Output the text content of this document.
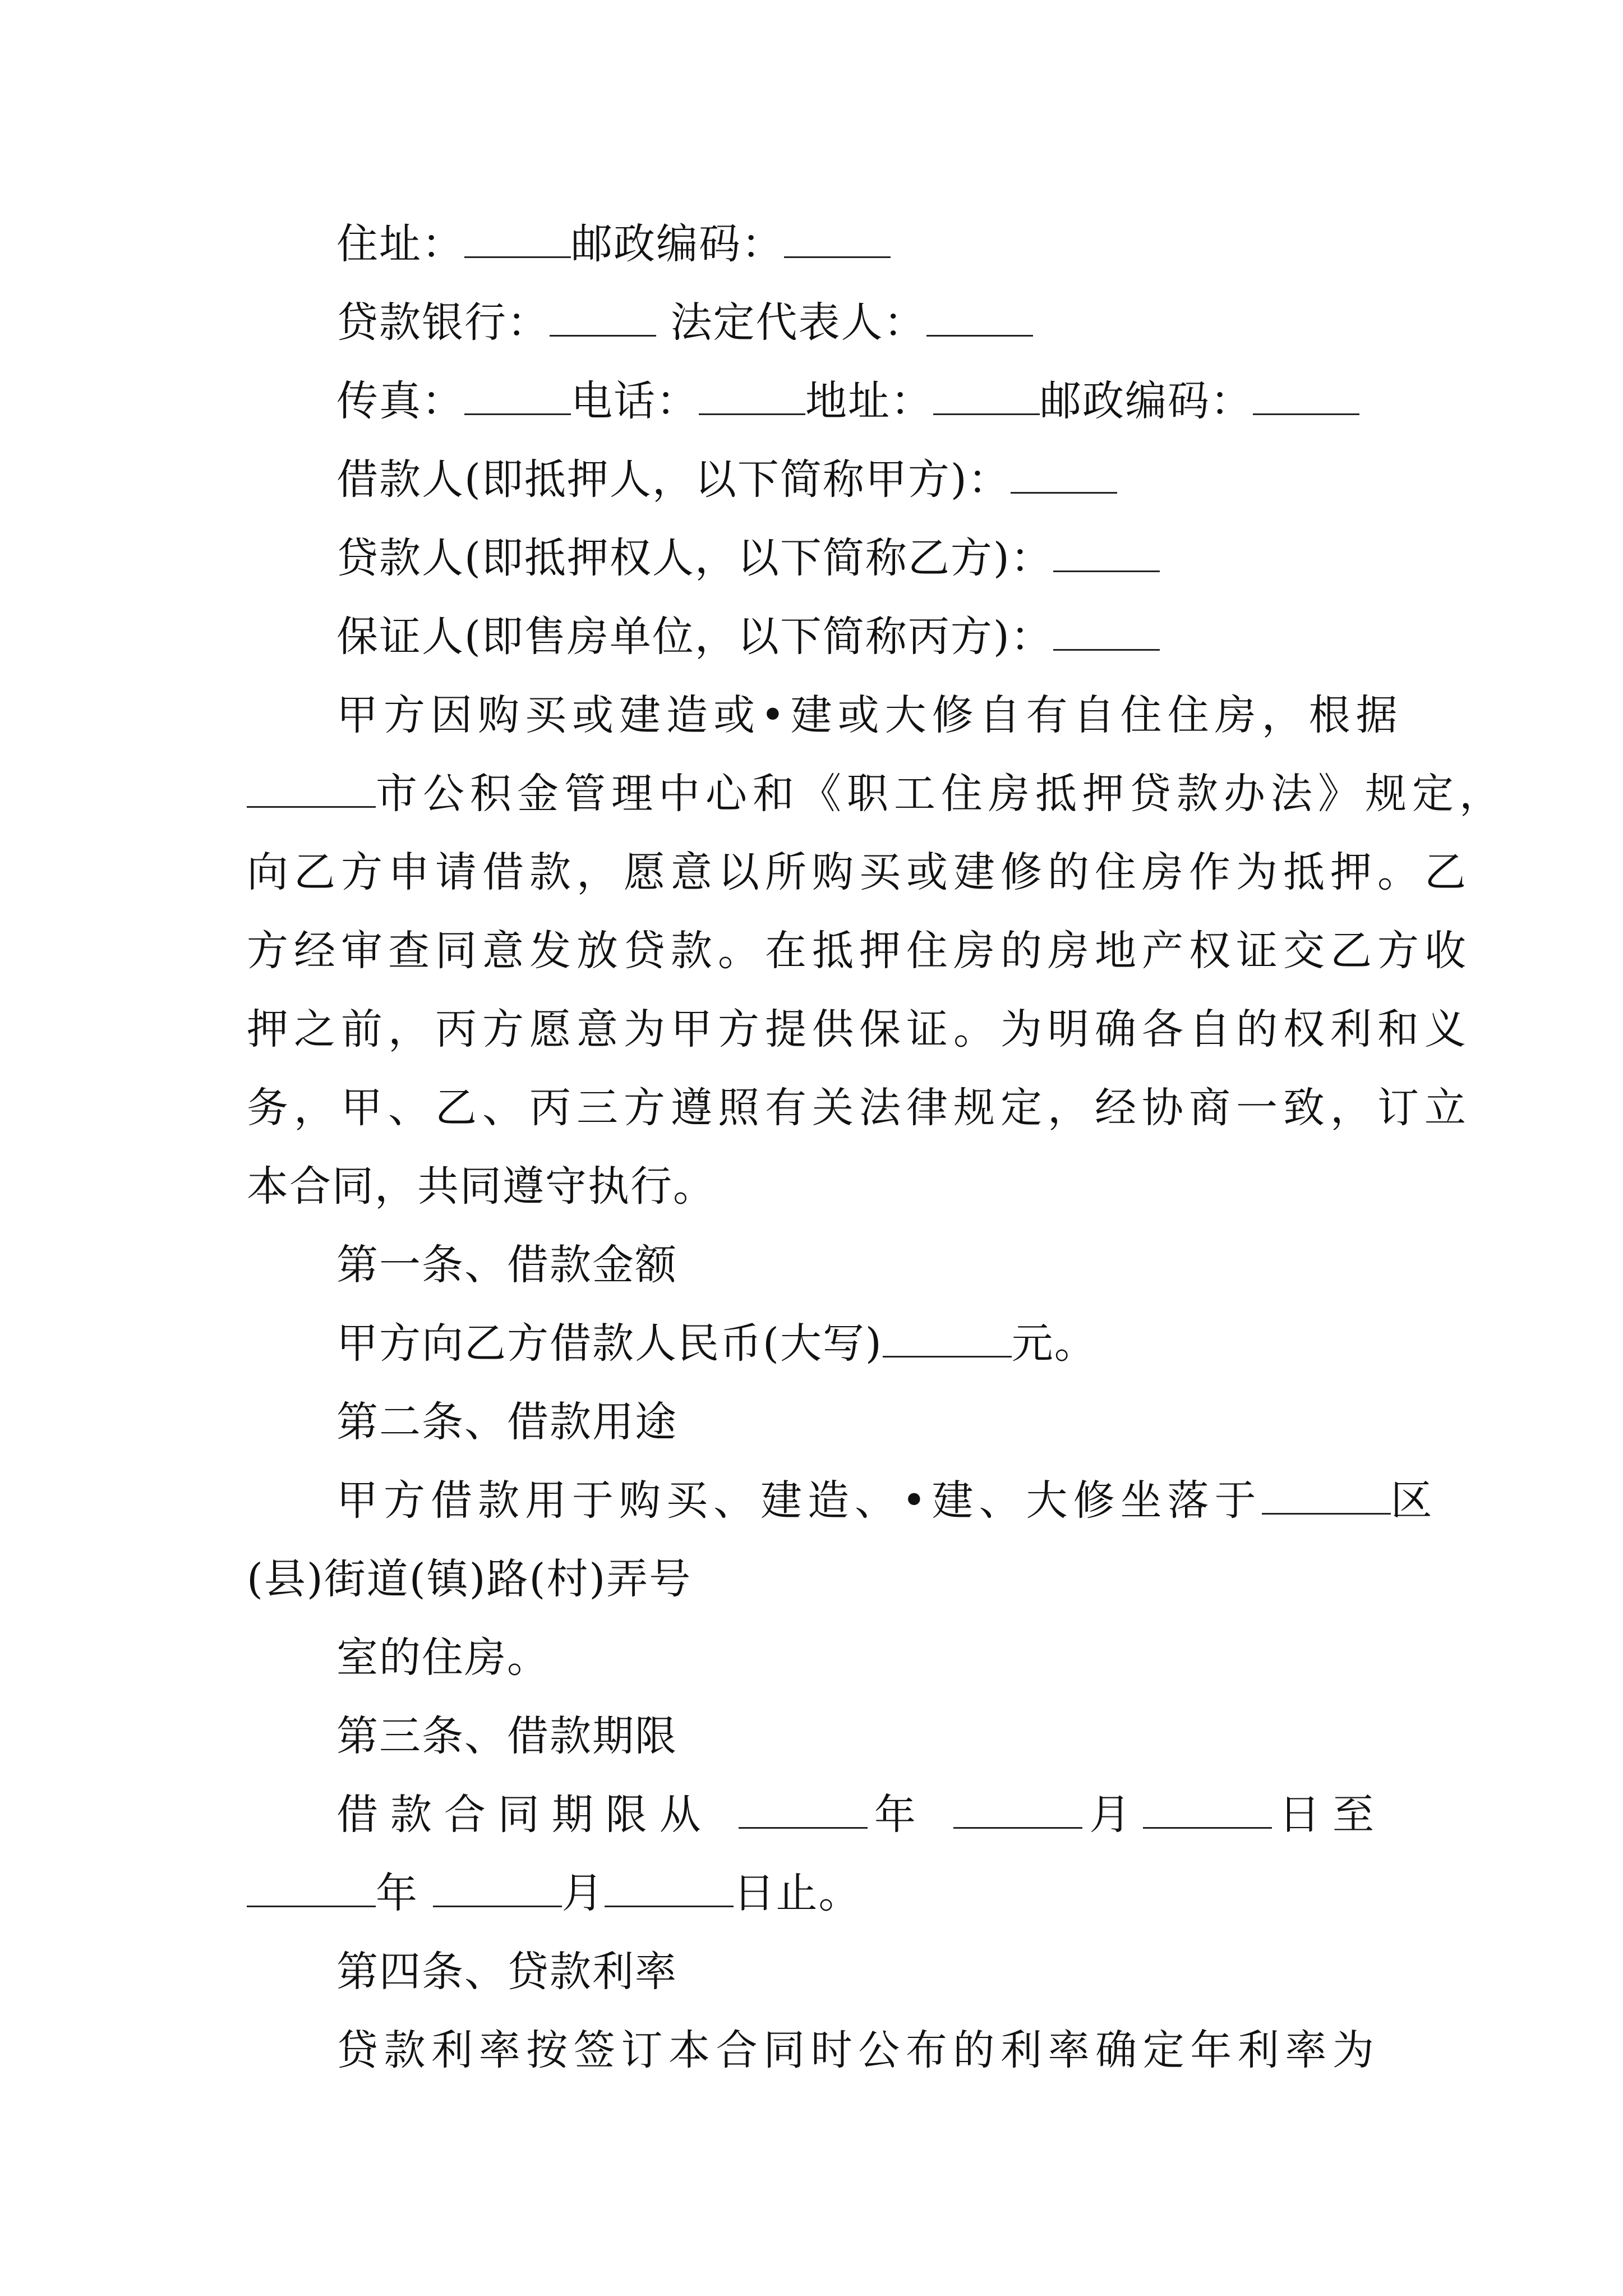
住址：	邮政编码：
贷款银行：	法定代表人：
传真：	电话：	地址：	邮政编码：
借款人(即抵押人，以下简称甲方)：
贷款人(即抵押权人，以下简称乙方)：
保证人(即售房单位，以下简称丙方)：
甲方因购买或建造或•建或大修自有自住住房，根据
市公积金管理中心和《职工住房抵押贷款办法》规定，
向乙方申请借款，愿意以所购买或建修的住房作为抵押。乙
方经审查同意发放贷款。在抵押住房的房地产权证交乙方收
押之前，丙方愿意为甲方提供保证。为明确各自的权利和义
务，甲、乙、丙三方遵照有关法律规定，经协商一致，订立
本合同，共同遵守执行。
第一条、借款金额
甲方向乙方借款人民币(大写)	元。
第二条、借款用途
甲方借款用于购买、建造、•建、大修坐落于	区
(县)街道(镇)路(村)弄号
室的住房。
第三条、借款期限
借款合同期限从	年	月	日至
年	月	日止。
第四条、贷款利率
贷款利率按签订本合同时公布的利率确定年利率为
